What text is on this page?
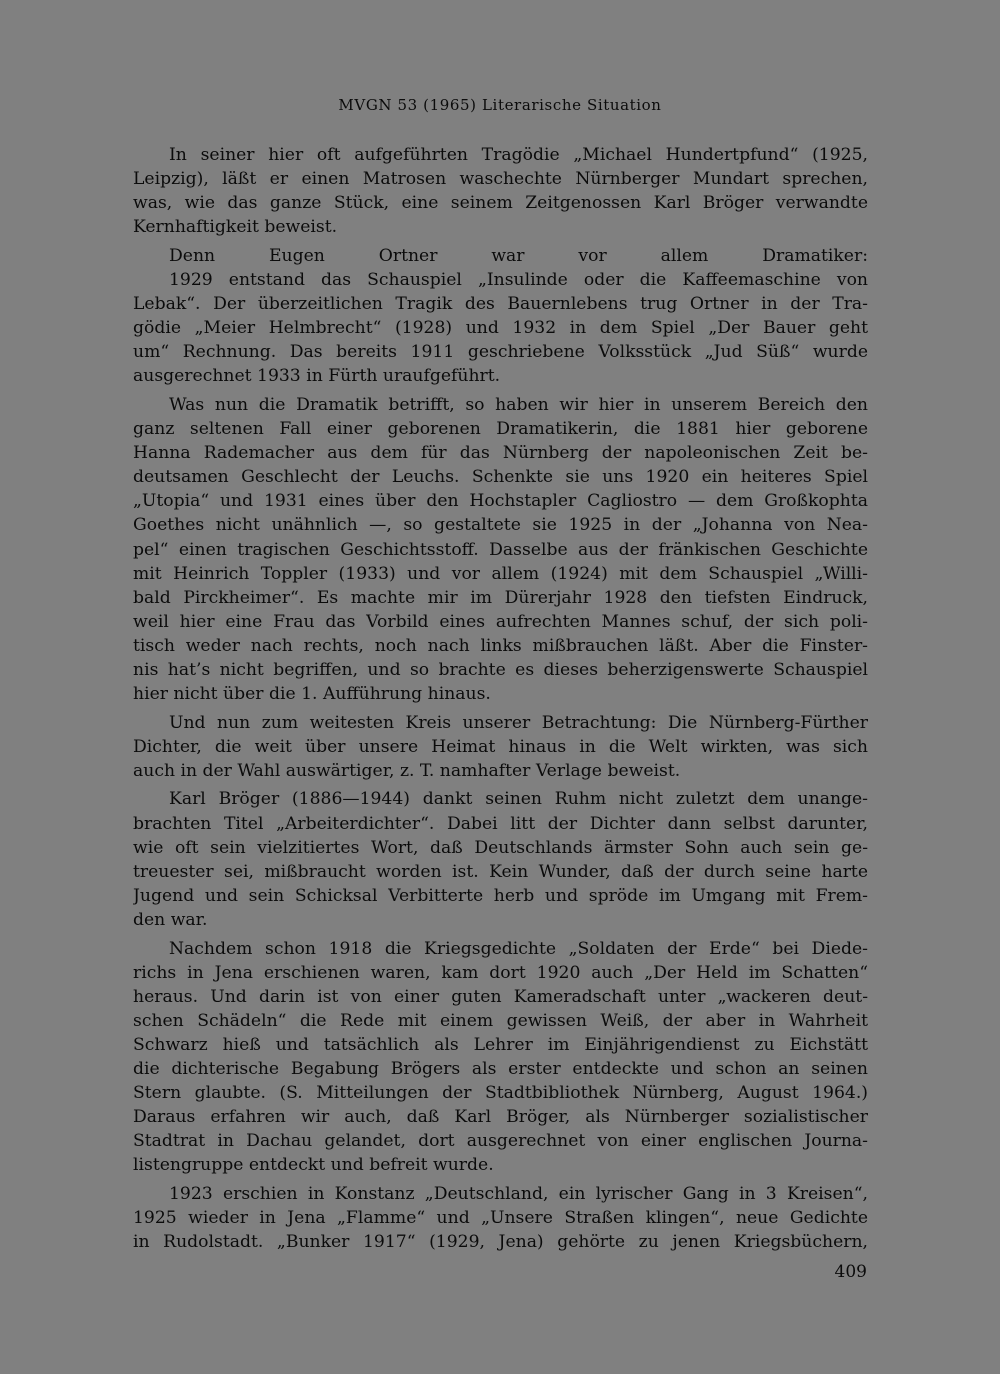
MVGN 53 (1965) Literarische Situation
In seiner hier oft aufgeführten Tragödie „Michael Hundertpfund“ (1925,
Leipzig), läßt er einen Matrosen waschechte Nürnberger Mundart sprechen,
was, wie das ganze Stück, eine seinem Zeitgenossen Karl Bröger verwandte
Kernhaftigkeit beweist.
Denn Eugen Ortner war vor allem Dramatiker:
1929 entstand das Schauspiel „Insulinde oder die Kaffeemaschine von
Lebak“. Der überzeitlichen Tragik des Bauernlebens trug Ortner in der Tra-
gödie „Meier Helmbrecht“ (1928) und 1932 in dem Spiel „Der Bauer geht
um“ Rechnung. Das bereits 1911 geschriebene Volksstück „Jud Süß“ wurde
ausgerechnet 1933 in Fürth uraufgeführt.
Was nun die Dramatik betrifft, so haben wir hier in unserem Bereich den
ganz seltenen Fall einer geborenen Dramatikerin, die 1881 hier geborene
Hanna Rademacher aus dem für das Nürnberg der napoleonischen Zeit be-
deutsamen Geschlecht der Leuchs. Schenkte sie uns 1920 ein heiteres Spiel
„Utopia“ und 1931 eines über den Hochstapler Cagliostro — dem Großkophta
Goethes nicht unähnlich —, so gestaltete sie 1925 in der „Johanna von Nea-
pel“ einen tragischen Geschichtsstoff. Dasselbe aus der fränkischen Geschichte
mit Heinrich Toppler (1933) und vor allem (1924) mit dem Schauspiel „Willi-
bald Pirckheimer“. Es machte mir im Dürerjahr 1928 den tiefsten Eindruck,
weil hier eine Frau das Vorbild eines aufrechten Mannes schuf, der sich poli-
tisch weder nach rechts, noch nach links mißbrauchen läßt. Aber die Finster-
nis hat’s nicht begriffen, und so brachte es dieses beherzigenswerte Schauspiel
hier nicht über die 1. Aufführung hinaus.
Und nun zum weitesten Kreis unserer Betrachtung: Die Nürnberg-Fürther
Dichter, die weit über unsere Heimat hinaus in die Welt wirkten, was sich
auch in der Wahl auswärtiger, z. T. namhafter Verlage beweist.
Karl Bröger (1886—1944) dankt seinen Ruhm nicht zuletzt dem unange-
brachten Titel „Arbeiterdichter“. Dabei litt der Dichter dann selbst darunter,
wie oft sein vielzitiertes Wort, daß Deutschlands ärmster Sohn auch sein ge-
treuester sei, mißbraucht worden ist. Kein Wunder, daß der durch seine harte
Jugend und sein Schicksal Verbitterte herb und spröde im Umgang mit Frem-
den war.
Nachdem schon 1918 die Kriegsgedichte „Soldaten der Erde“ bei Diede-
richs in Jena erschienen waren, kam dort 1920 auch „Der Held im Schatten“
heraus. Und darin ist von einer guten Kameradschaft unter „wackeren deut-
schen Schädeln“ die Rede mit einem gewissen Weiß, der aber in Wahrheit
Schwarz hieß und tatsächlich als Lehrer im Einjährigendienst zu Eichstätt
die dichterische Begabung Brögers als erster entdeckte und schon an seinen
Stern glaubte. (S. Mitteilungen der Stadtbibliothek Nürnberg, August 1964.)
Daraus erfahren wir auch, daß Karl Bröger, als Nürnberger sozialistischer
Stadtrat in Dachau gelandet, dort ausgerechnet von einer englischen Journa-
listengruppe entdeckt und befreit wurde.
1923 erschien in Konstanz „Deutschland, ein lyrischer Gang in 3 Kreisen“,
1925 wieder in Jena „Flamme“ und „Unsere Straßen klingen“, neue Gedichte
in Rudolstadt. „Bunker 1917“ (1929, Jena) gehörte zu jenen Kriegsbüchern,
409
